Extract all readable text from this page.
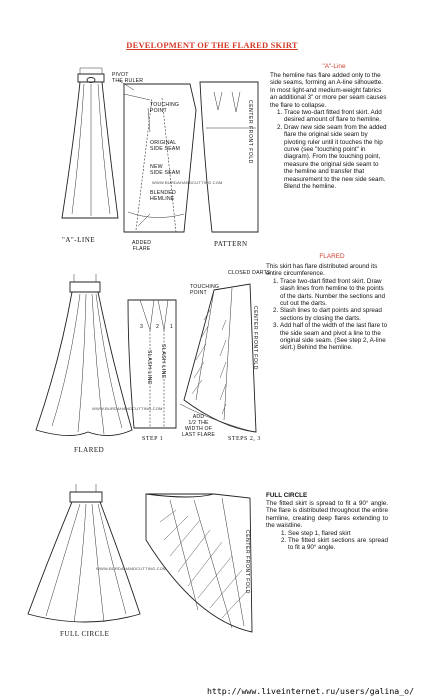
DEVELOPMENT OF THE FLARED SKIRT
"A"-Line

The hemline has flare added only to the side seams, forming an A-line silhouette. In most light-and medium-weight fabrics an additional 3" or more per seam causes the flare to collapse.

1. Trace two-dart fitted front skirt. Add desired amount of flare to hemline.
2. Draw new side seam from the added flare the original side seam by pivoting ruler until it touches the hip curve (see "touching point" in diagram). From the touching point, measure the original side seam to the hemline and transfer that measurement to the new side seam. Blend the hemline.
PIVOT
THE RULER
TOUCHING
POINT
ORIGINAL
SIDE SEAM
NEW
SIDE SEAM
BLENDED
HEMLINE
ADDED
FLARE
CENTER FRONT FOLD
WWW.BURDAHANDCUTTING.COM
"A"-LINE	PATTERN
FLARED

This skirt has flare distributed around its entire circumference.

1. Trace two-dart fitted front skirt. Draw slash lines from hemline to the points of the darts. Number the sections and cut out the darts.
2. Slash lines to dart points and spread sections by closing the darts.
3. Add half of the width of the last flare to the side seam and pivot a line to the original side seam. (See step 2, A-line skirt.) Behind the hemline.
CLOSED DARTS
TOUCHING
POINT
3 2 1
SLASH LINE SLASH LINE	CENTER FRONT FOLD
ADD
1/2 THE
WIDTH OF
LAST FLARE
WWW.BURDAHANDCUTTING.COM
FLARED
STEP 1	STEPS 2, 3
FULL CIRCLE

The fitted skirt is spread to fit a 90° angle. The flare is distributed throughout the entire hemline, creating deep flares extending to the waistline.

1. See step 1, flared skirt
2. The fitted skirt sections are spread to fit a 90° angle.
CENTER FRONT FOLD
WWW.BURDAHANDCUTTING.COM
FULL CIRCLE
http://www.liveinternet.ru/users/galina_o/
